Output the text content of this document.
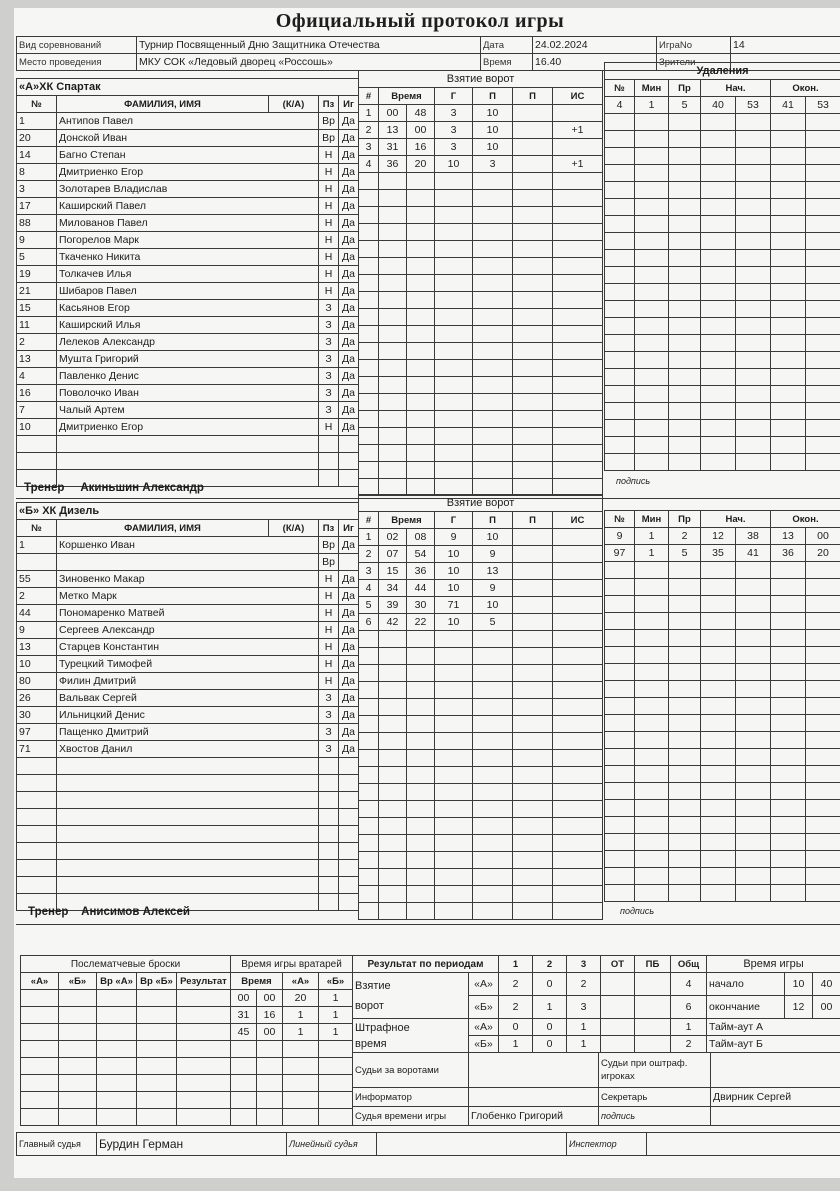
Официальный протокол игры
Вид соревнований	Турнир Посвященный Дню Защитника Отечества	Дата	24.02.2024	ИграNo	14
Место проведения	МКУ СОК «Ледовый дворец «Россошь»	Время	16.40	Зрители	
«А»ХК Спартак				
№	ФАМИЛИЯ, ИМЯ	(К/А)	Пз	Иг
1	Антипов Павел		Вр	Да
20	Донской Иван		Вр	Да
14	Багно Степан		Н	Да
8	Дмитриенко Егор		Н	Да
3	Золотарев Владислав		Н	Да
17	Каширский Павел		Н	Да
88	Милованов Павел		Н	Да
9	Погорелов Марк		Н	Да
5	Ткаченко Никита		Н	Да
19	Толкачев Илья		Н	Да
21	Шибаров Павел		Н	Да
15	Касьянов Егор		З	Да
11	Каширский Илья		З	Да
2	Лелеков Александр		З	Да
13	Мушта Григорий		З	Да
4	Павленко Денис		З	Да
16	Поволочко Иван		З	Да
7	Чалый Артем		З	Да
10	Дмитриенко Егор		Н	Да

Взятие ворот						
#	Время		Г	П	П	ИС
1	00	48	3	10		
2	13	00	3	10		+1
3	31	16	3	10		
4	36	20	10	3		+1

Удаления						
№	Мин	Пр	Нач.		Окон.	
4	1	5	40	53	41	53

Тренер Акиньшин Александр
подпись
«Б» ХК Дизель				
№	ФАМИЛИЯ, ИМЯ	(К/А)	Пз	Иг
1	Коршенко Иван		Вр	Да
			Вр	
55	Зиновенко Макар		Н	Да
2	Метко Марк		Н	Да
44	Пономаренко Матвей		Н	Да
9	Сергеев Александр		Н	Да
13	Старцев Константин		Н	Да
10	Турецкий Тимофей		Н	Да
80	Филин Дмитрий		Н	Да
26	Вальвак Сергей		З	Да
30	Ильницкий Денис		З	Да
97	Пащенко Дмитрий		З	Да
71	Хвостов Данил		З	Да

Взятие ворот						
#	Время		Г	П	П	ИС
1	02	08	9	10		
2	07	54	10	9		
3	15	36	10	13		
4	34	44	10	9		
5	39	30	71	10		
6	42	22	10	5		

№	Мин	Пр	Нач.		Окон.	
9	1	2	12	38	13	00
97	1	5	35	41	36	20

Тренер Анисимов Алексей	подпись
Послематчевые броски				
«А»	«Б»	Вр «А»	Вр «Б»	Результат

Время игры вратарей			
Время		«А»	«Б»
00	00	20	1
31	16	1	1
45	00	1	1

Результат по периодам		1	2	3	ОТ	ПБ	Общ
Взятие
ворот	«А»	2	0	2			4
	«Б»	2	1	3			6
Штрафное
время	«А»	0	0	1			1
	«Б»	1	0	1			2
Время игры		
начало	10	40
окончание	12	00
Тайм-аут А		
Тайм-аут Б		
Судьи за воротами		Судьи при оштраф. игроках	
Информатор		Секретарь	Двирник Сергей
Судья времени игры	Глобенко Григорий	подпись	
Главный судья	Бурдин Герман	Линейный судья		Инспектор	
